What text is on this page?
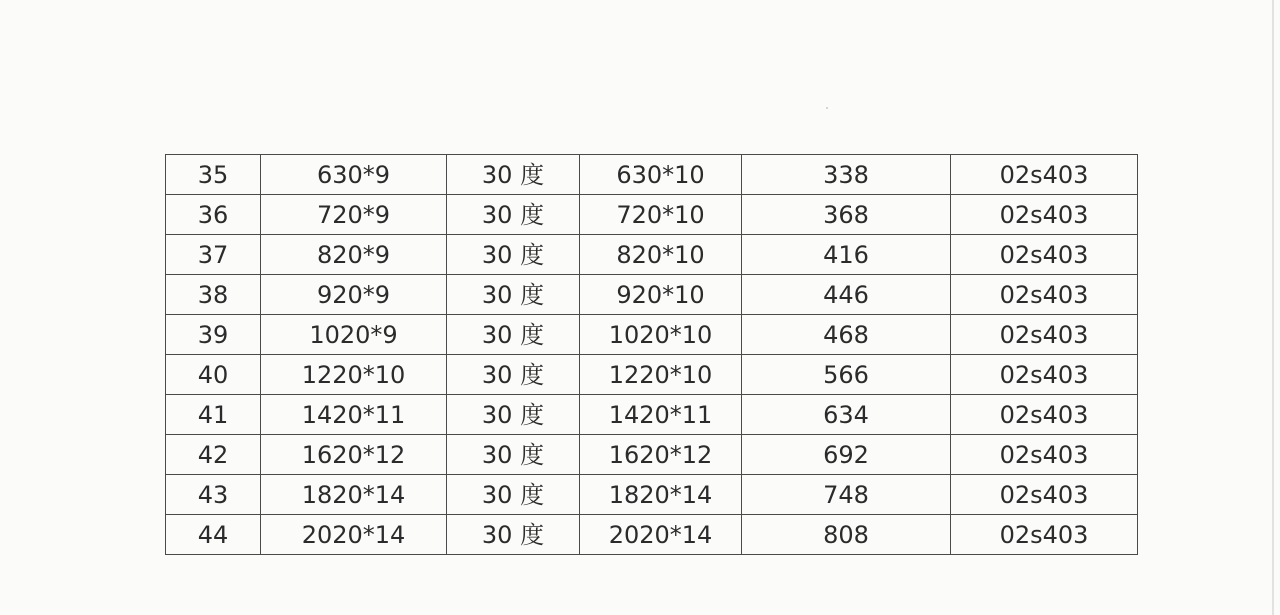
35	630*9	30 度	630*10	338	02s403
36	720*9	30 度	720*10	368	02s403
37	820*9	30 度	820*10	416	02s403
38	920*9	30 度	920*10	446	02s403
39	1020*9	30 度	1020*10	468	02s403
40	1220*10	30 度	1220*10	566	02s403
41	1420*11	30 度	1420*11	634	02s403
42	1620*12	30 度	1620*12	692	02s403
43	1820*14	30 度	1820*14	748	02s403
44	2020*14	30 度	2020*14	808	02s403
